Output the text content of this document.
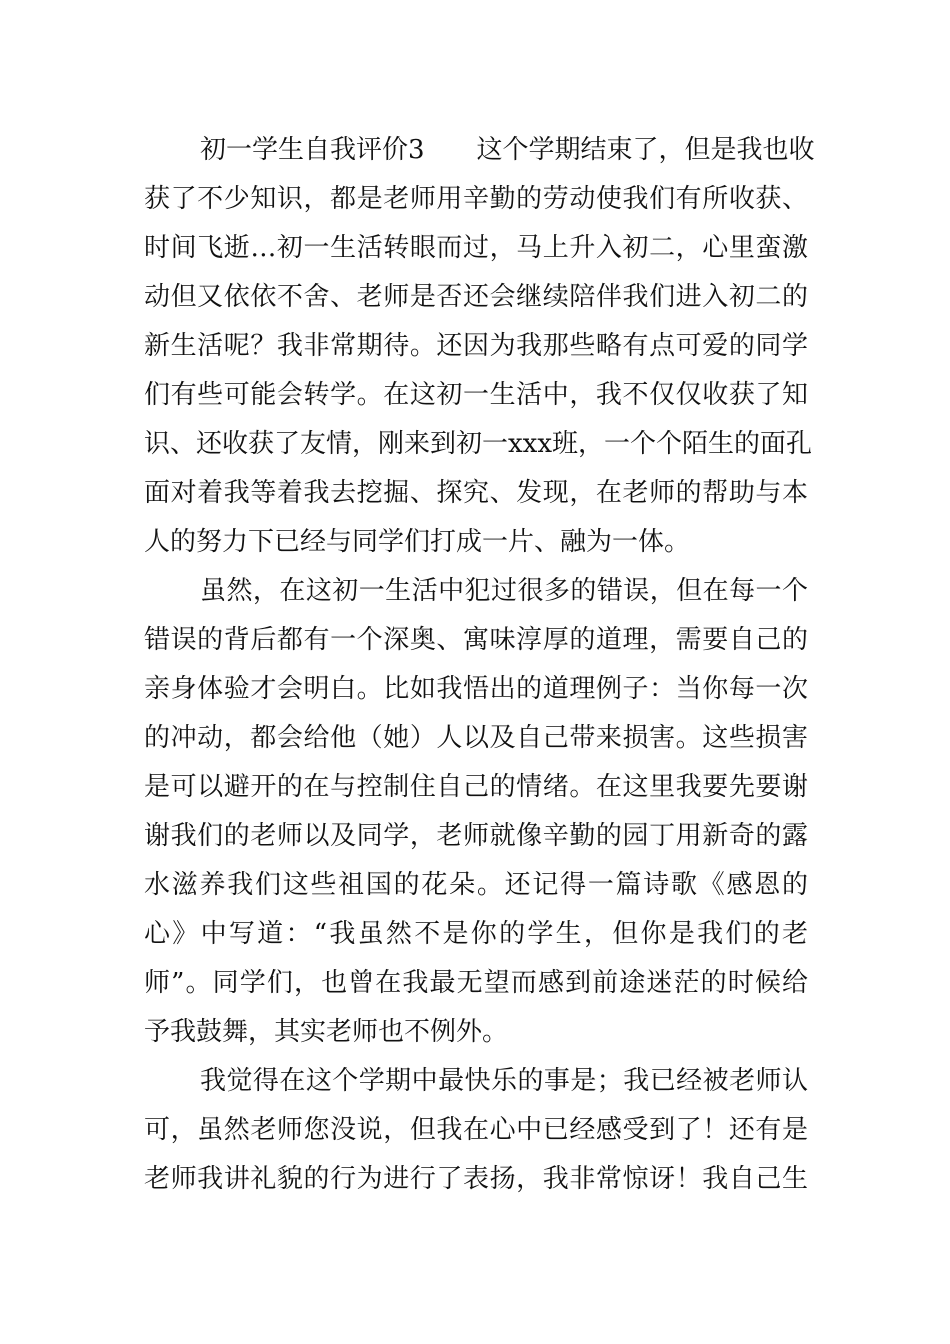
初一学生自我评价3　　这个学期结束了，但是我也收
获了不少知识，都是老师用辛勤的劳动使我们有所收获、
时间飞逝…初一生活转眼而过，马上升入初二，心里蛮激
动但又依依不舍、老师是否还会继续陪伴我们进入初二的
新生活呢？我非常期待。还因为我那些略有点可爱的同学
们有些可能会转学。在这初一生活中，我不仅仅收获了知
识、还收获了友情，刚来到初一xxx班，一个个陌生的面孔
面对着我等着我去挖掘、探究、发现，在老师的帮助与本
人的努力下已经与同学们打成一片、融为一体。

虽然，在这初一生活中犯过很多的错误，但在每一个
错误的背后都有一个深奥、寓味淳厚的道理，需要自己的
亲身体验才会明白。比如我悟出的道理例子：当你每一次
的冲动，都会给他（她）人以及自己带来损害。这些损害
是可以避开的在与控制住自己的情绪。在这里我要先要谢
谢我们的老师以及同学，老师就像辛勤的园丁用新奇的露
水滋养我们这些祖国的花朵。还记得一篇诗歌《感恩的
心》中写道：“我虽然不是你的学生，但你是我们的老
师”。同学们，也曾在我最无望而感到前途迷茫的时候给
予我鼓舞，其实老师也不例外。

我觉得在这个学期中最快乐的事是；我已经被老师认
可，虽然老师您没说，但我在心中已经感受到了！还有是
老师我讲礼貌的行为进行了表扬，我非常惊讶！我自己生
